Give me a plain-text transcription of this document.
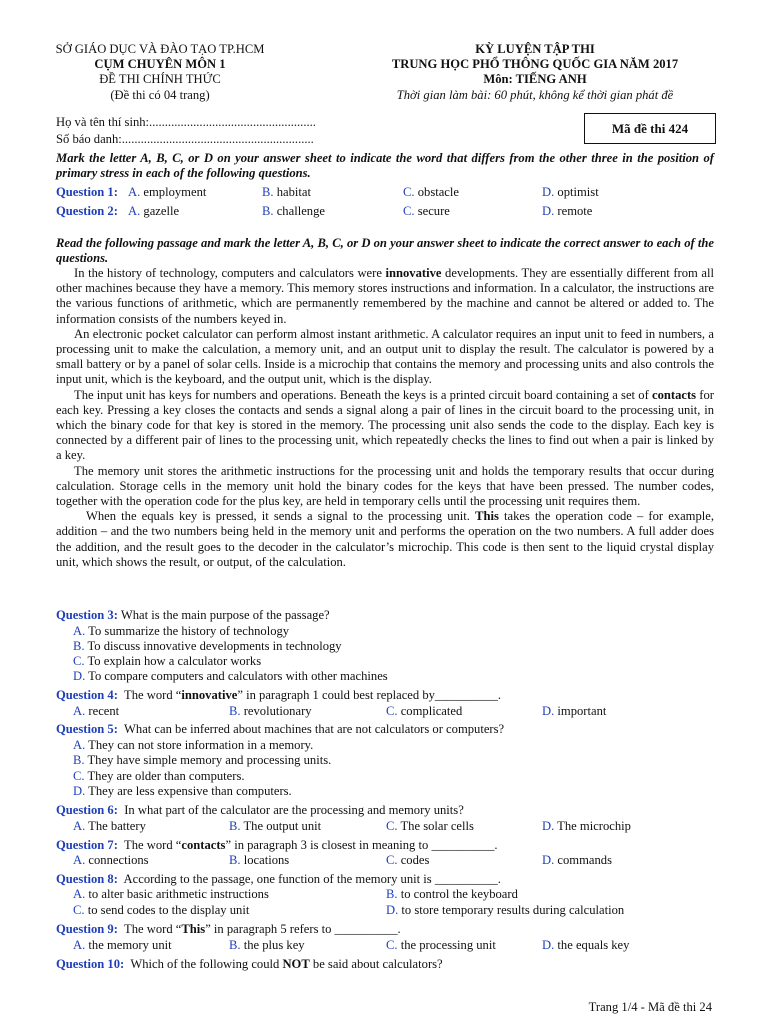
SỞ GIÁO DỤC VÀ ĐÀO TẠO TP.HCM
CỤM CHUYÊN MÔN 1
ĐỀ THI CHÍNH THỨC
(Đề thi có 04 trang)
KỲ LUYỆN TẬP THI
TRUNG HỌC PHỔ THÔNG QUỐC GIA NĂM 2017
Môn: TIẾNG ANH
Thời gian làm bài: 60 phút, không kể thời gian phát đề
Họ và tên thí sinh:.....................................................
Số báo danh:.............................................................
Mã đề thi 424
Mark the letter A, B, C, or D on your answer sheet to indicate the word that differs from the other three in the position of primary stress in each of the following questions.
Question 1: A. employment	B. habitat	C. obstacle	D. optimist
Question 2: A. gazelle	B. challenge	C. secure	D. remote
Read the following passage and mark the letter A, B, C, or D on your answer sheet to indicate the correct answer to each of the questions.

In the history of technology, computers and calculators were innovative developments. They are essentially different from all other machines because they have a memory. This memory stores instructions and information. In a calculator, the instructions are the various functions of arithmetic, which are permanently remembered by the machine and cannot be altered or added to. The information consists of the numbers keyed in.

An electronic pocket calculator can perform almost instant arithmetic. A calculator requires an input unit to feed in numbers, a processing unit to make the calculation, a memory unit, and an output unit to display the result. The calculator is powered by a small battery or by a panel of solar cells. Inside is a microchip that contains the memory and processing units and also controls the input unit, which is the keyboard, and the output unit, which is the display.

The input unit has keys for numbers and operations. Beneath the keys is a printed circuit board containing a set of contacts for each key. Pressing a key closes the contacts and sends a signal along a pair of lines in the circuit board to the processing unit, in which the binary code for that key is stored in the memory. The processing unit also sends the code to the display. Each key is connected by a different pair of lines to the processing unit, which repeatedly checks the lines to find out when a pair is linked by a key.

The memory unit stores the arithmetic instructions for the processing unit and holds the temporary results that occur during calculation. Storage cells in the memory unit hold the binary codes for the keys that have been pressed. The number codes, together with the operation code for the plus key, are held in temporary cells until the processing unit requires them.

When the equals key is pressed, it sends a signal to the processing unit. This takes the operation code – for example, addition – and the two numbers being held in the memory unit and performs the operation on the two numbers. A full adder does the addition, and the result goes to the decoder in the calculator’s microchip. This code is then sent to the liquid crystal display unit, which shows the result, or output, of the calculation.

Question 3: What is the main purpose of the passage?
A. To summarize the history of technology
B. To discuss innovative developments in technology
C. To explain how a calculator works
D. To compare computers and calculators with other machines
Question 4: The word “innovative” in paragraph 1 could best replaced by__________.
A. recent	B. revolutionary	C. complicated	D. important
Question 5: What can be inferred about machines that are not calculators or computers?
A. They can not store information in a memory.
B. They have simple memory and processing units.
C. They are older than computers.
D. They are less expensive than computers.
Question 6: In what part of the calculator are the processing and memory units?
A. The battery	B. The output unit	C. The solar cells	D. The microchip
Question 7: The word “contacts” in paragraph 3 is closest in meaning to __________.
A. connections	B. locations	C. codes	D. commands
Question 8: According to the passage, one function of the memory unit is __________.
A. to alter basic arithmetic instructions	B. to control the keyboard
C. to send codes to the display unit	D. to store temporary results during calculation
Question 9: The word “This” in paragraph 5 refers to __________.
A. the memory unit	B. the plus key	C. the processing unit	D. the equals key
Question 10: Which of the following could NOT be said about calculators?
Trang 1/4 - Mã đề thi 24
